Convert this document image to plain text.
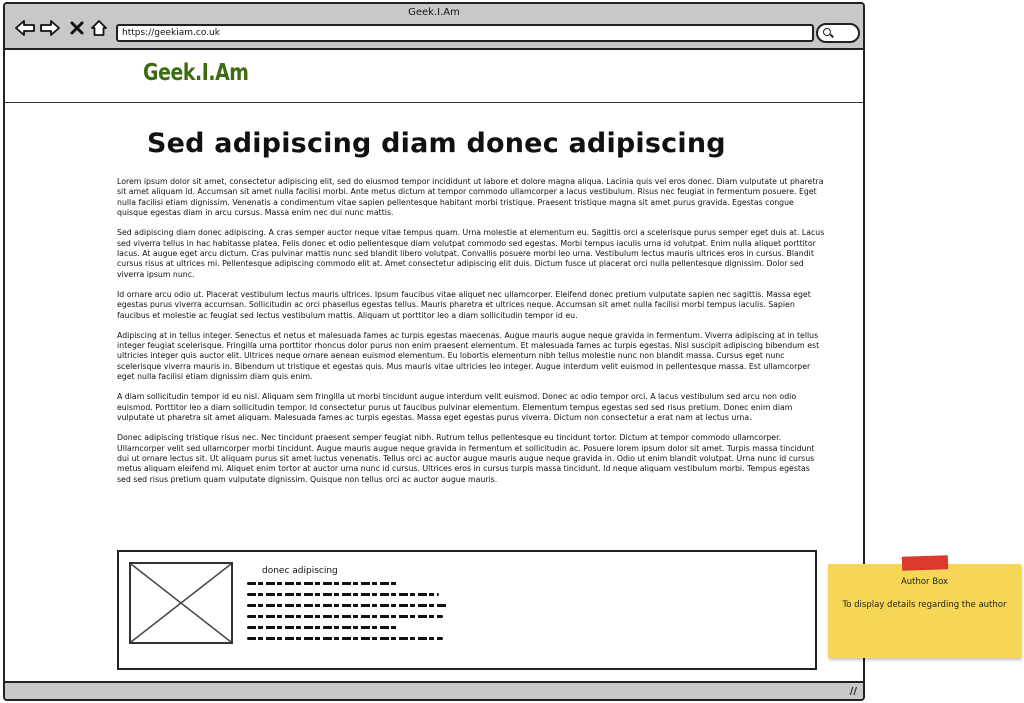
Geek.I.Am
https://geekiam.co.uk
Geek.I.Am
Sed adipiscing diam donec adipiscing

Lorem ipsum dolor sit amet, consectetur adipiscing elit, sed do eiusmod tempor incididunt ut labore et dolore magna aliqua. Lacinia quis vel eros donec. Diam vulputate ut pharetra sit amet aliquam id. Accumsan sit amet nulla facilisi morbi. Ante metus dictum at tempor commodo ullamcorper a lacus vestibulum. Risus nec feugiat in fermentum posuere. Eget nulla facilisi etiam dignissim. Venenatis a condimentum vitae sapien pellentesque habitant morbi tristique. Praesent tristique magna sit amet purus gravida. Egestas congue quisque egestas diam in arcu cursus. Massa enim nec dui nunc mattis.

Sed adipiscing diam donec adipiscing. A cras semper auctor neque vitae tempus quam. Urna molestie at elementum eu. Sagittis orci a scelerisque purus semper eget duis at. Lacus sed viverra tellus in hac habitasse platea. Felis donec et odio pellentesque diam volutpat commodo sed egestas. Morbi tempus iaculis urna id volutpat. Enim nulla aliquet porttitor lacus. At augue eget arcu dictum. Cras pulvinar mattis nunc sed blandit libero volutpat. Convallis posuere morbi leo urna. Vestibulum lectus mauris ultrices eros in cursus. Blandit cursus risus at ultrices mi. Pellentesque adipiscing commodo elit at. Amet consectetur adipiscing elit duis. Dictum fusce ut placerat orci nulla pellentesque dignissim. Dolor sed viverra ipsum nunc.

Id ornare arcu odio ut. Placerat vestibulum lectus mauris ultrices. Ipsum faucibus vitae aliquet nec ullamcorper. Eleifend donec pretium vulputate sapien nec sagittis. Massa eget egestas purus viverra accumsan. Sollicitudin ac orci phasellus egestas tellus. Mauris pharetra et ultrices neque. Accumsan sit amet nulla facilisi morbi tempus iaculis. Sapien faucibus et molestie ac feugiat sed lectus vestibulum mattis. Aliquam ut porttitor leo a diam sollicitudin tempor id eu.

Adipiscing at in tellus integer. Senectus et netus et malesuada fames ac turpis egestas maecenas. Augue mauris augue neque gravida in fermentum. Viverra adipiscing at in tellus integer feugiat scelerisque. Fringilla urna porttitor rhoncus dolor purus non enim praesent elementum. Et malesuada fames ac turpis egestas. Nisl suscipit adipiscing bibendum est ultricies integer quis auctor elit. Ultrices neque ornare aenean euismod elementum. Eu lobortis elementum nibh tellus molestie nunc non blandit massa. Cursus eget nunc scelerisque viverra mauris in. Bibendum ut tristique et egestas quis. Mus mauris vitae ultricies leo integer. Augue interdum velit euismod in pellentesque massa. Est ullamcorper eget nulla facilisi etiam dignissim diam quis enim.

A diam sollicitudin tempor id eu nisl. Aliquam sem fringilla ut morbi tincidunt augue interdum velit euismod. Donec ac odio tempor orci. A lacus vestibulum sed arcu non odio euismod. Porttitor leo a diam sollicitudin tempor. Id consectetur purus ut faucibus pulvinar elementum. Elementum tempus egestas sed sed risus pretium. Donec enim diam vulputate ut pharetra sit amet aliquam. Malesuada fames ac turpis egestas. Massa eget egestas purus viverra. Dictum non consectetur a erat nam at lectus urna.

Donec adipiscing tristique risus nec. Nec tincidunt praesent semper feugiat nibh. Rutrum tellus pellentesque eu tincidunt tortor. Dictum at tempor commodo ullamcorper. Ullamcorper velit sed ullamcorper morbi tincidunt. Augue mauris augue neque gravida in fermentum et sollicitudin ac. Posuere lorem ipsum dolor sit amet. Turpis massa tincidunt dui ut ornare lectus sit. Ut aliquam purus sit amet luctus venenatis. Tellus orci ac auctor augue mauris augue neque gravida in. Odio ut enim blandit volutpat. Urna nunc id cursus metus aliquam eleifend mi. Aliquet enim tortor at auctor urna nunc id cursus. Ultrices eros in cursus turpis massa tincidunt. Id neque aliquam vestibulum morbi. Tempus egestas sed sed risus pretium quam vulputate dignissim. Quisque non tellus orci ac auctor augue mauris.

donec adipiscing
//
Author Box
To display details regarding the author
